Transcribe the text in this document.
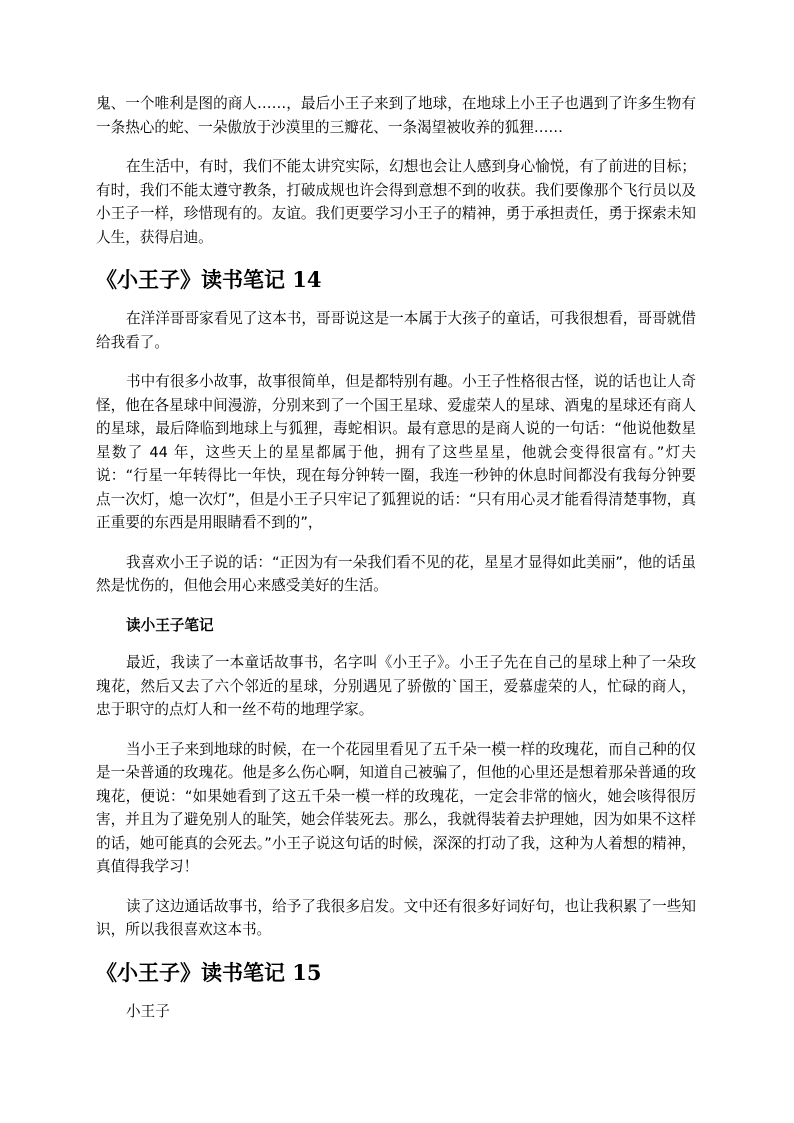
鬼、一个唯利是图的商人……，最后小王子来到了地球，在地球上小王子也遇到了许多生物有一条热心的蛇、一朵傲放于沙漠里的三瓣花、一条渴望被收养的狐狸……

在生活中，有时，我们不能太讲究实际，幻想也会让人感到身心愉悦，有了前进的目标；有时，我们不能太遵守教条，打破成规也许会得到意想不到的收获。我们要像那个飞行员以及小王子一样，珍惜现有的。友谊。我们更要学习小王子的精神，勇于承担责任，勇于探索未知人生，获得启迪。

《小王子》读书笔记 14

在洋洋哥哥家看见了这本书，哥哥说这是一本属于大孩子的童话，可我很想看，哥哥就借给我看了。

书中有很多小故事，故事很简单，但是都特别有趣。小王子性格很古怪，说的话也让人奇怪，他在各星球中间漫游，分别来到了一个国王星球、爱虚荣人的星球、酒鬼的星球还有商人的星球，最后降临到地球上与狐狸，毒蛇相识。最有意思的是商人说的一句话：“他说他数星星数了 44 年，这些天上的星星都属于他，拥有了这些星星，他就会变得很富有。”灯夫说：“行星一年转得比一年快，现在每分钟转一圈，我连一秒钟的休息时间都没有我每分钟要点一次灯，熄一次灯”，但是小王子只牢记了狐狸说的话：“只有用心灵才能看得清楚事物，真正重要的东西是用眼睛看不到的”，

我喜欢小王子说的话：“正因为有一朵我们看不见的花，星星才显得如此美丽”，他的话虽然是忧伤的，但他会用心来感受美好的生活。

读小王子笔记

最近，我读了一本童话故事书，名字叫《小王子》。小王子先在自己的星球上种了一朵玫瑰花，然后又去了六个邻近的星球，分别遇见了骄傲的`国王，爱慕虚荣的人，忙碌的商人，忠于职守的点灯人和一丝不苟的地理学家。

当小王子来到地球的时候，在一个花园里看见了五千朵一模一样的玫瑰花，而自己种的仅是一朵普通的玫瑰花。他是多么伤心啊，知道自己被骗了，但他的心里还是想着那朵普通的玫瑰花，便说：“如果她看到了这五千朵一模一样的玫瑰花，一定会非常的恼火，她会咳得很厉害，并且为了避免别人的耻笑，她会佯装死去。那么，我就得装着去护理她，因为如果不这样的话，她可能真的会死去。”小王子说这句话的时候，深深的打动了我，这种为人着想的精神，真值得我学习！

读了这边通话故事书，给予了我很多启发。文中还有很多好词好句，也让我积累了一些知识，所以我很喜欢这本书。

《小王子》读书笔记 15

小王子
